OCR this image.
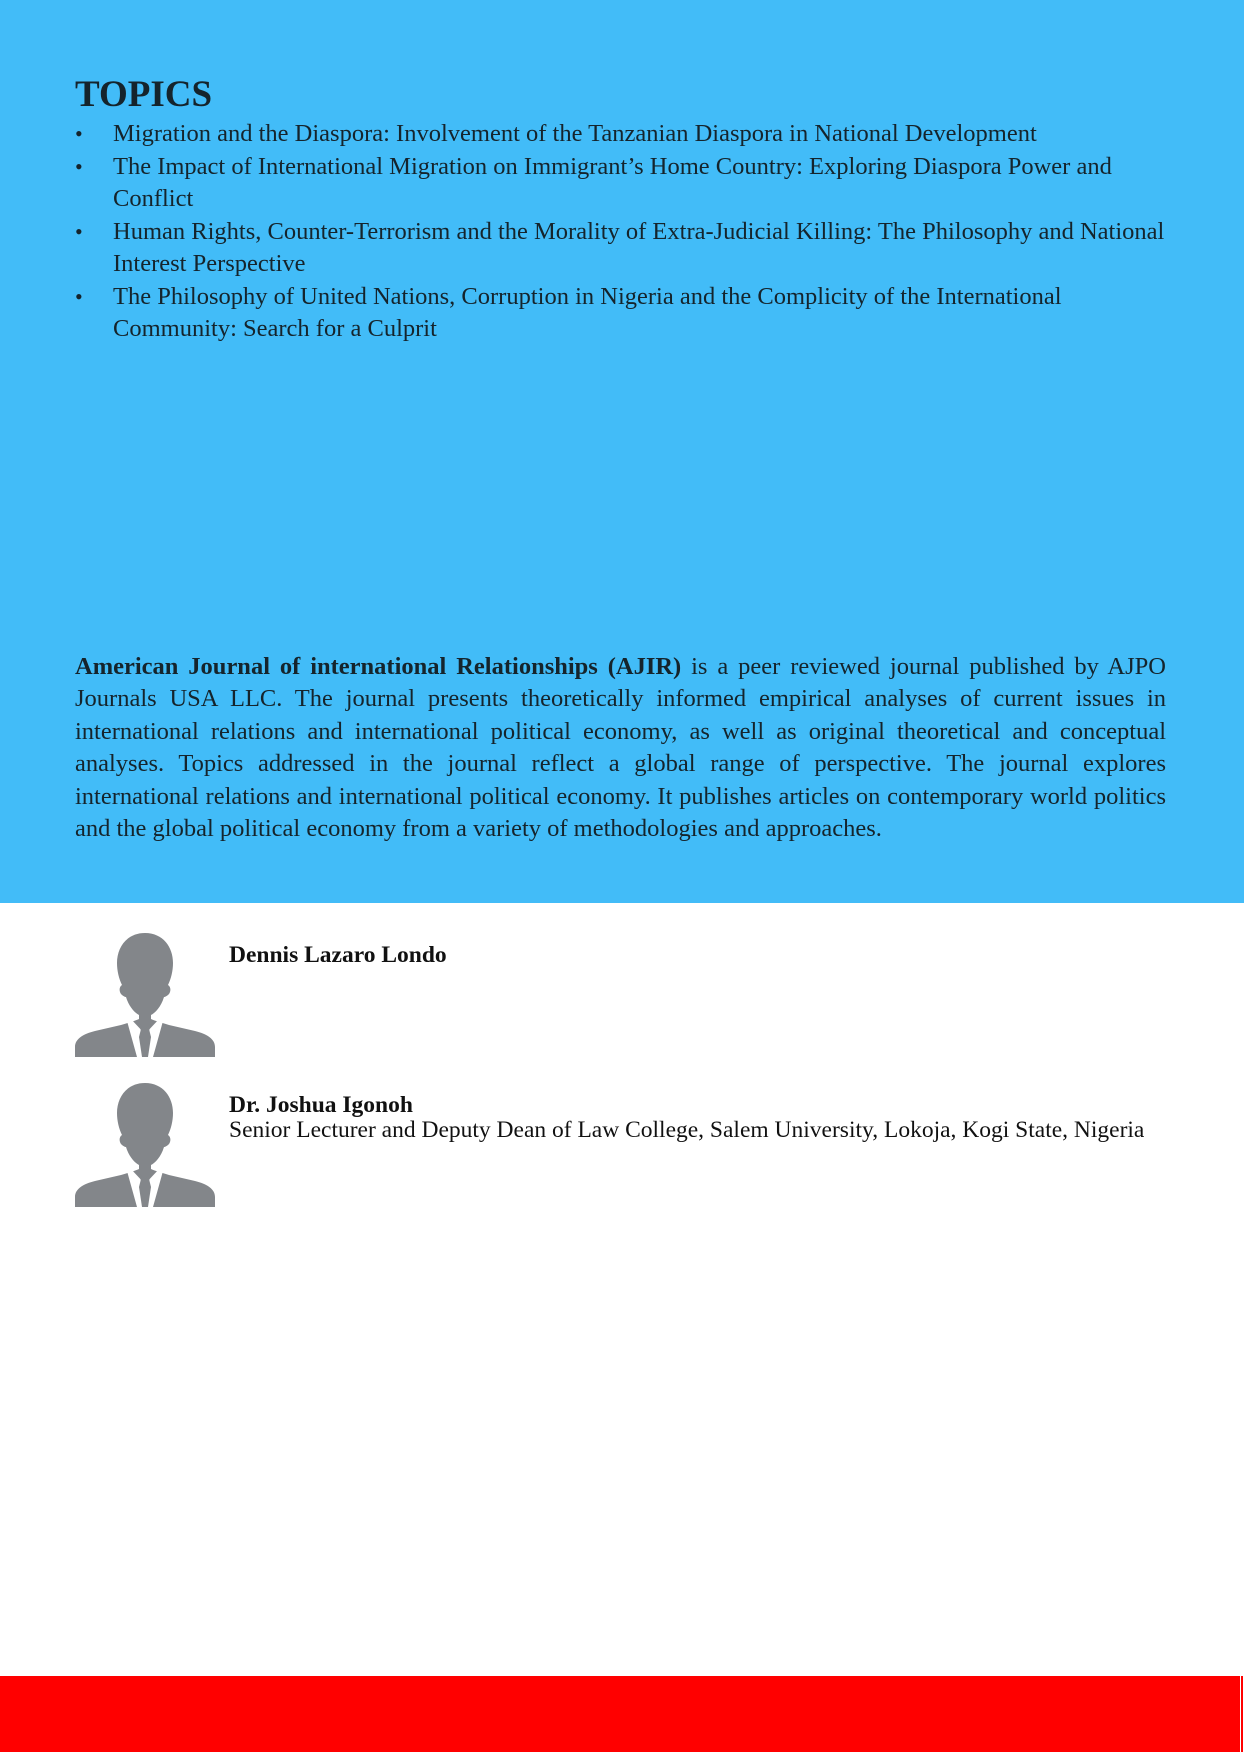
TOPICS
• Migration and the Diaspora: Involvement of the Tanzanian Diaspora in National Development
• The Impact of International Migration on Immigrant’s Home Country: Exploring Diaspora Power and Conflict
• Human Rights, Counter-Terrorism and the Morality of Extra-Judicial Killing: The Philosophy and National Interest Perspective
• The Philosophy of United Nations, Corruption in Nigeria and the Complicity of the International Community: Search for a Culprit

American Journal of international Relationships (AJIR) is a peer reviewed journal published by AJPO Journals USA LLC. The journal presents theoretically informed empirical analyses of current issues in international relations and international political economy, as well as original theoretical and conceptual analyses. Topics addressed in the journal reflect a global range of perspective. The journal explores international relations and international political economy. It publishes articles on contemporary world politics and the global political economy from a variety of methodologies and approaches.

Dennis Lazaro Londo
Dr. Joshua Igonoh
Senior Lecturer and Deputy Dean of Law College, Salem University, Lokoja, Kogi State, Nigeria
